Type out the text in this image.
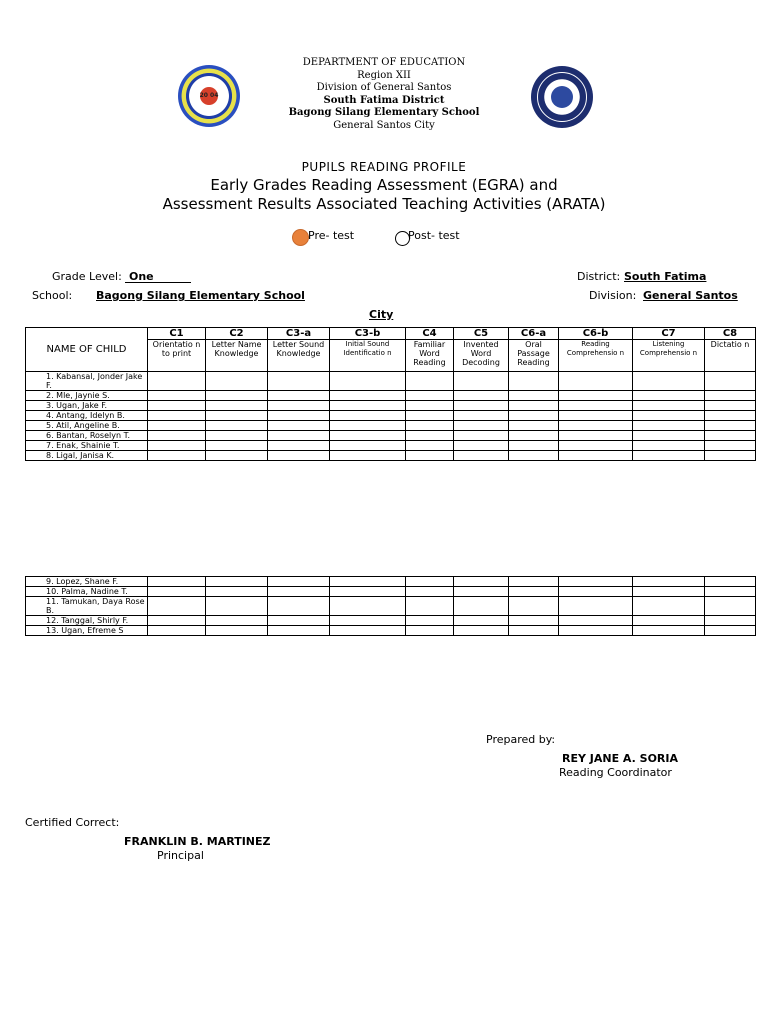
20 04
DEPARTMENT OF EDUCATION
Region XII
Division of General Santos
South Fatima District
Bagong Silang Elementary School
General Santos City
PUPILS READING PROFILE
Early Grades Reading Assessment (EGRA) and
Assessment Results Associated Teaching Activities (ARATA)
Pre- test	Post- test
Grade Level: One	District: South Fatima
School: Bagong Silang Elementary School	Division: General Santos
City
NAME OF CHILD	C1	C2	C3-a	C3-b	C4	C5	C6-a	C6-b	C7	C8
	Orientatio n to print	Letter Name Knowledge	Letter Sound Knowledge	Initial Sound Identificatio n	Familiar Word Reading	Invented Word Decoding	Oral Passage Reading	Reading Comprehensio n	Listening Comprehensio n	Dictatio n
1. Kabansal, Jonder Jake F.										
2. Mle, Jaynie S.										
3. Ugan, Jake F.										
4. Antang, Idelyn B.										
5. Atil, Angeline B.										
6. Bantan, Roselyn T.										
7. Enak, Shainie T.										
8. Ligal, Janisa K.										
9. Lopez, Shane F.										
10. Palma, Nadine T.										
11. Tamukan, Daya Rose B.										
12. Tanggal, Shirly F.										
13. Ugan, Efreme S										
Prepared by:
REY JANE A. SORIA
Reading Coordinator
Certified Correct:
FRANKLIN B. MARTINEZ
Principal
